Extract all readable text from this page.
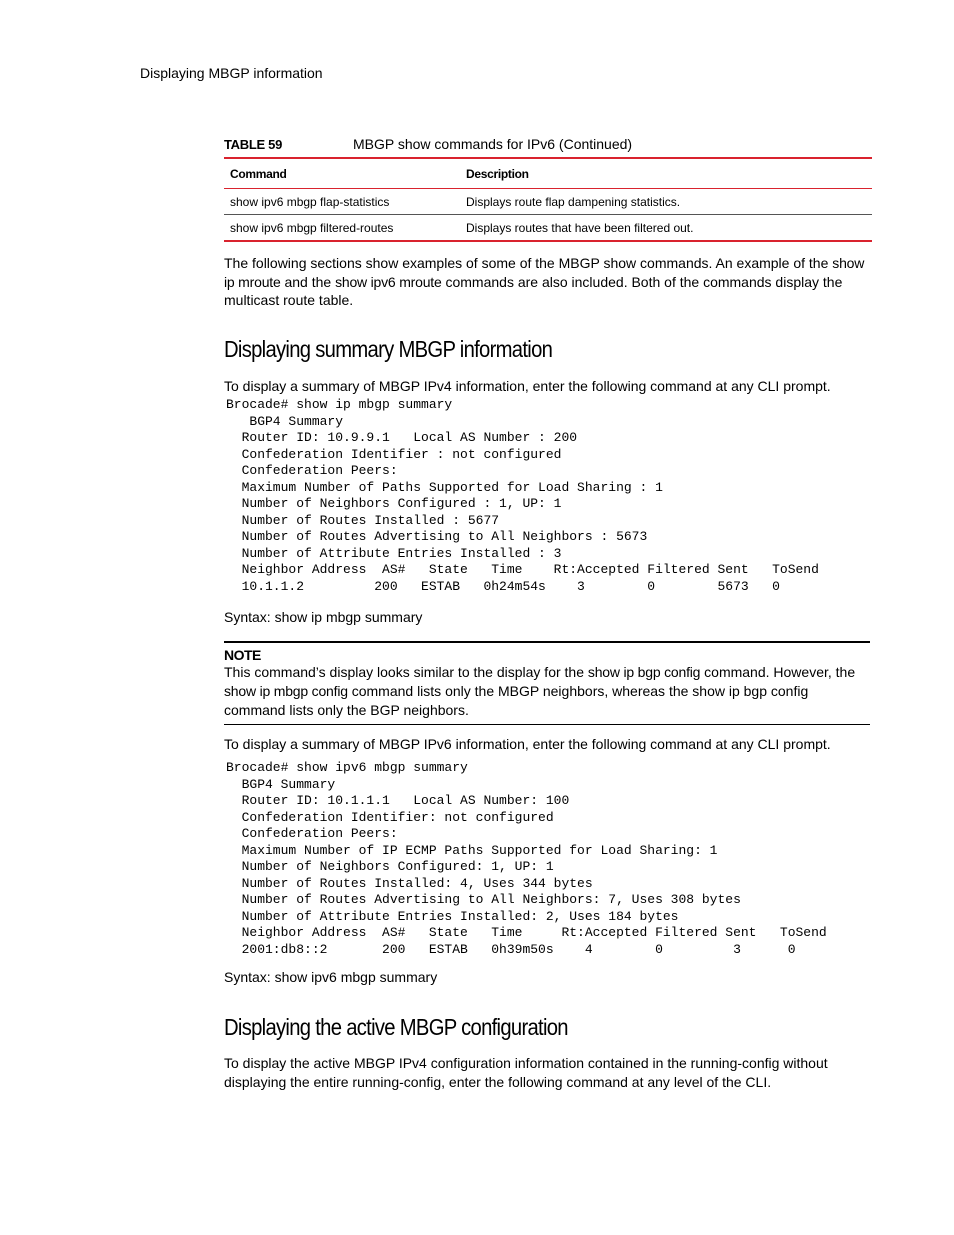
Displaying MBGP information
TABLE 59	MBGP show commands for IPv6 (Continued)
Command	Description
show ipv6 mbgp flap-statistics	Displays route flap dampening statistics.
show ipv6 mbgp filtered-routes	Displays routes that have been filtered out.
The following sections show examples of some of the MBGP show commands. An example of the show ip mroute and the show ipv6 mroute commands are also included. Both of the commands display the multicast route table.
Displaying summary MBGP information
To display a summary of MBGP IPv4 information, enter the following command at any CLI prompt.
Brocade# show ip mbgp summary
BGP4 Summary
Router ID: 10.9.9.1   Local AS Number : 200
Confederation Identifier : not configured
Confederation Peers:
Maximum Number of Paths Supported for Load Sharing : 1
Number of Neighbors Configured : 1, UP: 1
Number of Routes Installed : 5677
Number of Routes Advertising to All Neighbors : 5673
Number of Attribute Entries Installed : 3
Neighbor Address  AS#   State   Time    Rt:Accepted Filtered Sent   ToSend
10.1.1.2         200   ESTAB   0h24m54s    3        0        5673   0
Syntax: show ip mbgp summary
NOTE
This command’s display looks similar to the display for the show ip bgp config command. However, the show ip mbgp config command lists only the MBGP neighbors, whereas the show ip bgp config command lists only the BGP neighbors.
To display a summary of MBGP IPv6 information, enter the following command at any CLI prompt.
Brocade# show ipv6 mbgp summary
BGP4 Summary
Router ID: 10.1.1.1   Local AS Number: 100
Confederation Identifier: not configured
Confederation Peers:
Maximum Number of IP ECMP Paths Supported for Load Sharing: 1
Number of Neighbors Configured: 1, UP: 1
Number of Routes Installed: 4, Uses 344 bytes
Number of Routes Advertising to All Neighbors: 7, Uses 308 bytes
Number of Attribute Entries Installed: 2, Uses 184 bytes
Neighbor Address  AS#   State   Time     Rt:Accepted Filtered Sent   ToSend
2001:db8::2       200   ESTAB   0h39m50s    4        0         3      0
Syntax: show ipv6 mbgp summary
Displaying the active MBGP configuration
To display the active MBGP IPv4 configuration information contained in the running-config without displaying the entire running-config, enter the following command at any level of the CLI.
